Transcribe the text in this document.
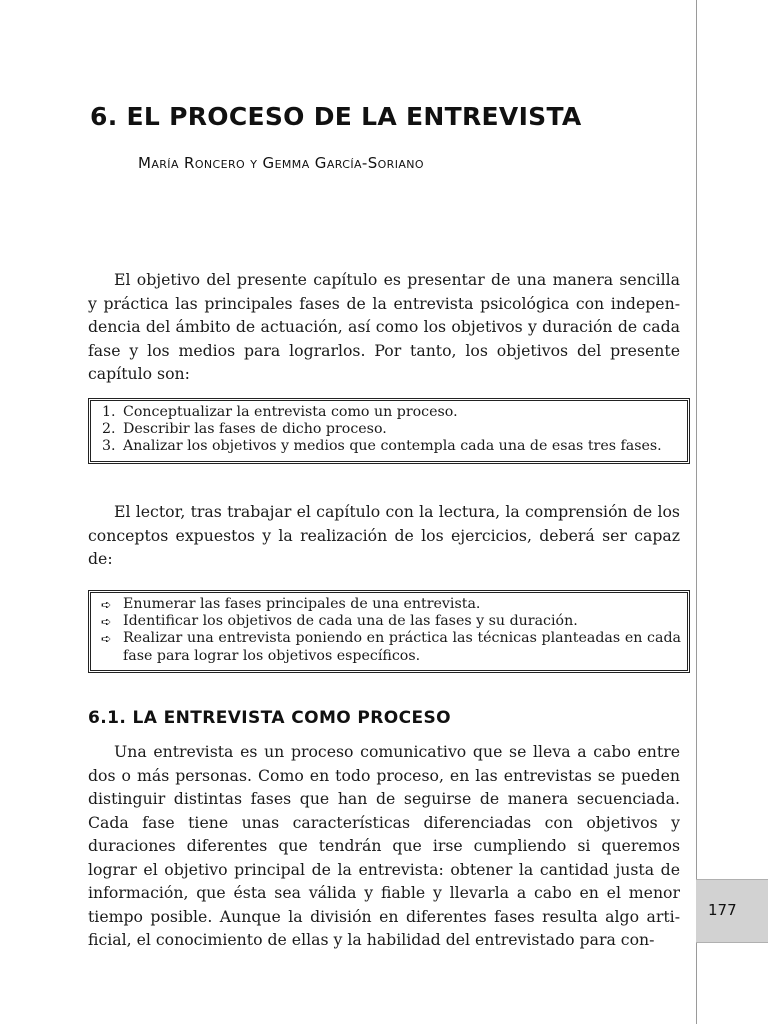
6. EL PROCESO DE LA ENTREVISTA

María Roncero y Gemma García-Soriano

El objetivo del presente capítulo es presentar de una manera sencilla y práctica las principales fases de la entrevista psicológica con independencia del ámbito de actuación, así como los objetivos y duración de cada fase y los medios para lograrlos. Por tanto, los objetivos del presente capítulo son:

1. Conceptualizar la entrevista como un proceso.
2. Describir las fases de dicho proceso.
3. Analizar los objetivos y medios que contempla cada una de esas tres fases.

El lector, tras trabajar el capítulo con la lectura, la comprensión de los conceptos expuestos y la realización de los ejercicios, deberá ser capaz de:

➪ Enumerar las fases principales de una entrevista.
➪ Identificar los objetivos de cada una de las fases y su duración.
➪ Realizar una entrevista poniendo en práctica las técnicas planteadas en cada fase para lograr los objetivos específicos.
6.1. LA ENTREVISTA COMO PROCESO

Una entrevista es un proceso comunicativo que se lleva a cabo entre dos o más personas. Como en todo proceso, en las entrevistas se pueden distinguir distintas fases que han de seguirse de manera secuenciada. Cada fase tiene unas características diferenciadas con objetivos y duraciones diferentes que tendrán que irse cumpliendo si queremos lograr el objetivo principal de la entrevista: obtener la cantidad justa de información, que ésta sea válida y fiable y llevarla a cabo en el menor tiempo posible. Aunque la división en diferentes fases resulta algo artificial, el conocimiento de ellas y la habilidad del entrevistado para con-

177
